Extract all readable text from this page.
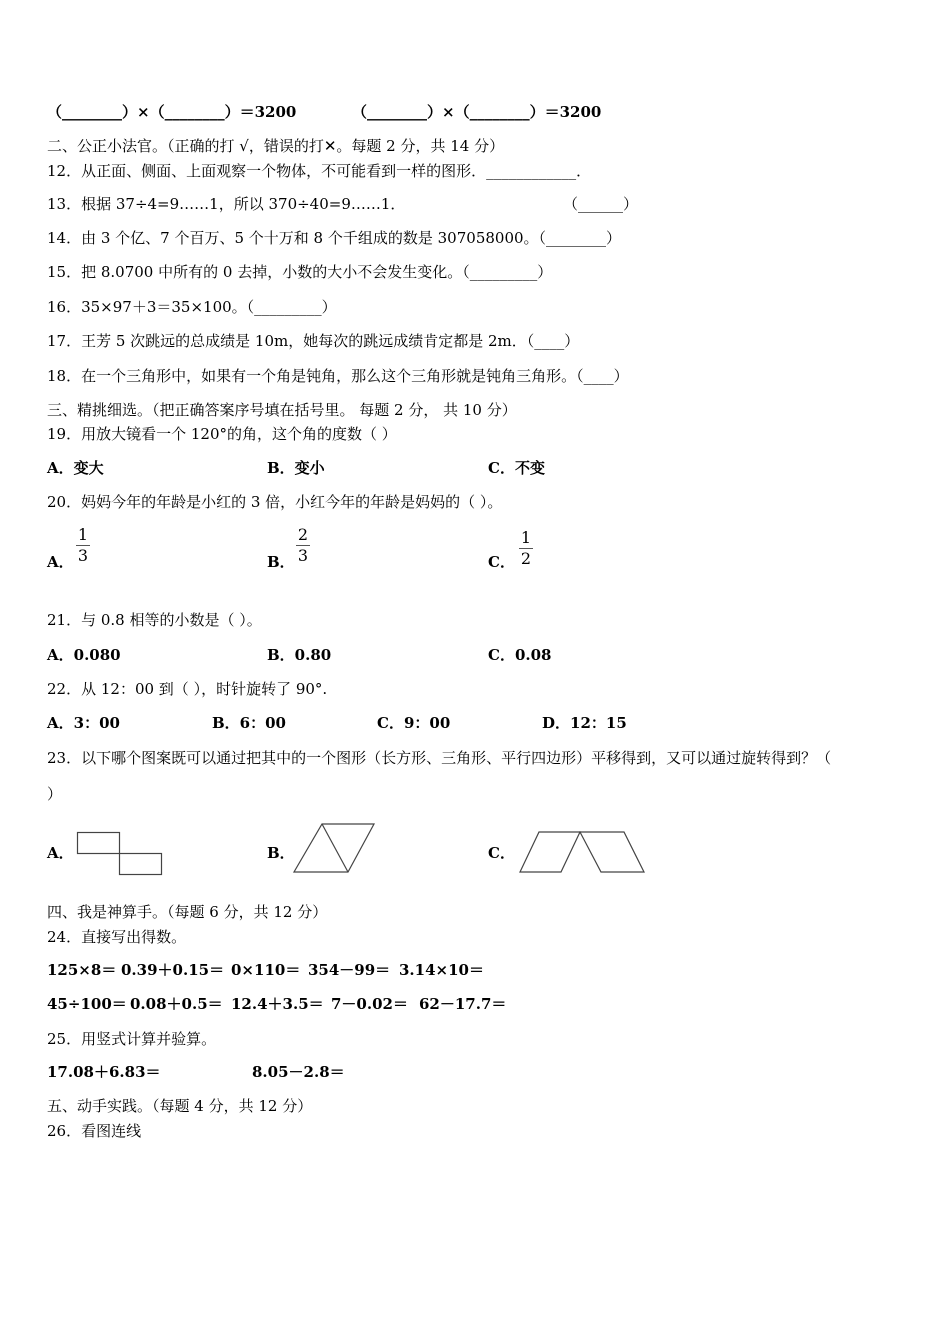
（________）×（________）＝3200	（________）×（________）＝3200
二、公正小法官。（正确的打 √，错误的打✕。每题 2 分，共 14 分）
12．从正面、侧面、上面观察一个物体，不可能看到一样的图形．____________．
13．根据 37÷4=9……1，所以 370÷40=9……1．	（______）
14．由 3 个亿、7 个百万、5 个十万和 8 个千组成的数是 307058000。（________）
15．把 8.0700 中所有的 0 去掉，小数的大小不会发生变化。（_________）
16．35×97＋3＝35×100。（_________）
17．王芳 5 次跳远的总成绩是 10m，她每次的跳远成绩肯定都是 2m．（____）
18．在一个三角形中，如果有一个角是钝角，那么这个三角形就是钝角三角形。（____）
三、精挑细选。（把正确答案序号填在括号里。 每题 2 分， 共 10 分）
19．用放大镜看一个 120°的角，这个角的度数（ ）
A．变大	B．变小	C．不变
20．妈妈今年的年龄是小红的 3 倍，小红今年的年龄是妈妈的（ ）。
A．
1
3	B．
2
3	C．
1
2
21．与 0.8 相等的小数是（ ）。
A．0.080	B．0.80	C．0.08
22．从 12：00 到（ ），时针旋转了 90°.
A．3：00	B．6：00	C．9：00	D．12：15
23．以下哪个图案既可以通过把其中的一个图形（长方形、三角形、平行四边形）平移得到，又可以通过旋转得到？（
）
A．	B．	C．
四、我是神算手。（每题 6 分，共 12 分）
24．直接写出得数。
125×8＝ 0.39＋0.15＝ 0×110＝ 354－99＝ 3.14×10＝
45÷100＝ 0.08＋0.5＝ 12.4＋3.5＝ 7－0.02＝ 62－17.7＝
25．用竖式计算并验算。
17.08＋6.83＝	8.05－2.8＝
五、动手实践。（每题 4 分，共 12 分）
26．看图连线
